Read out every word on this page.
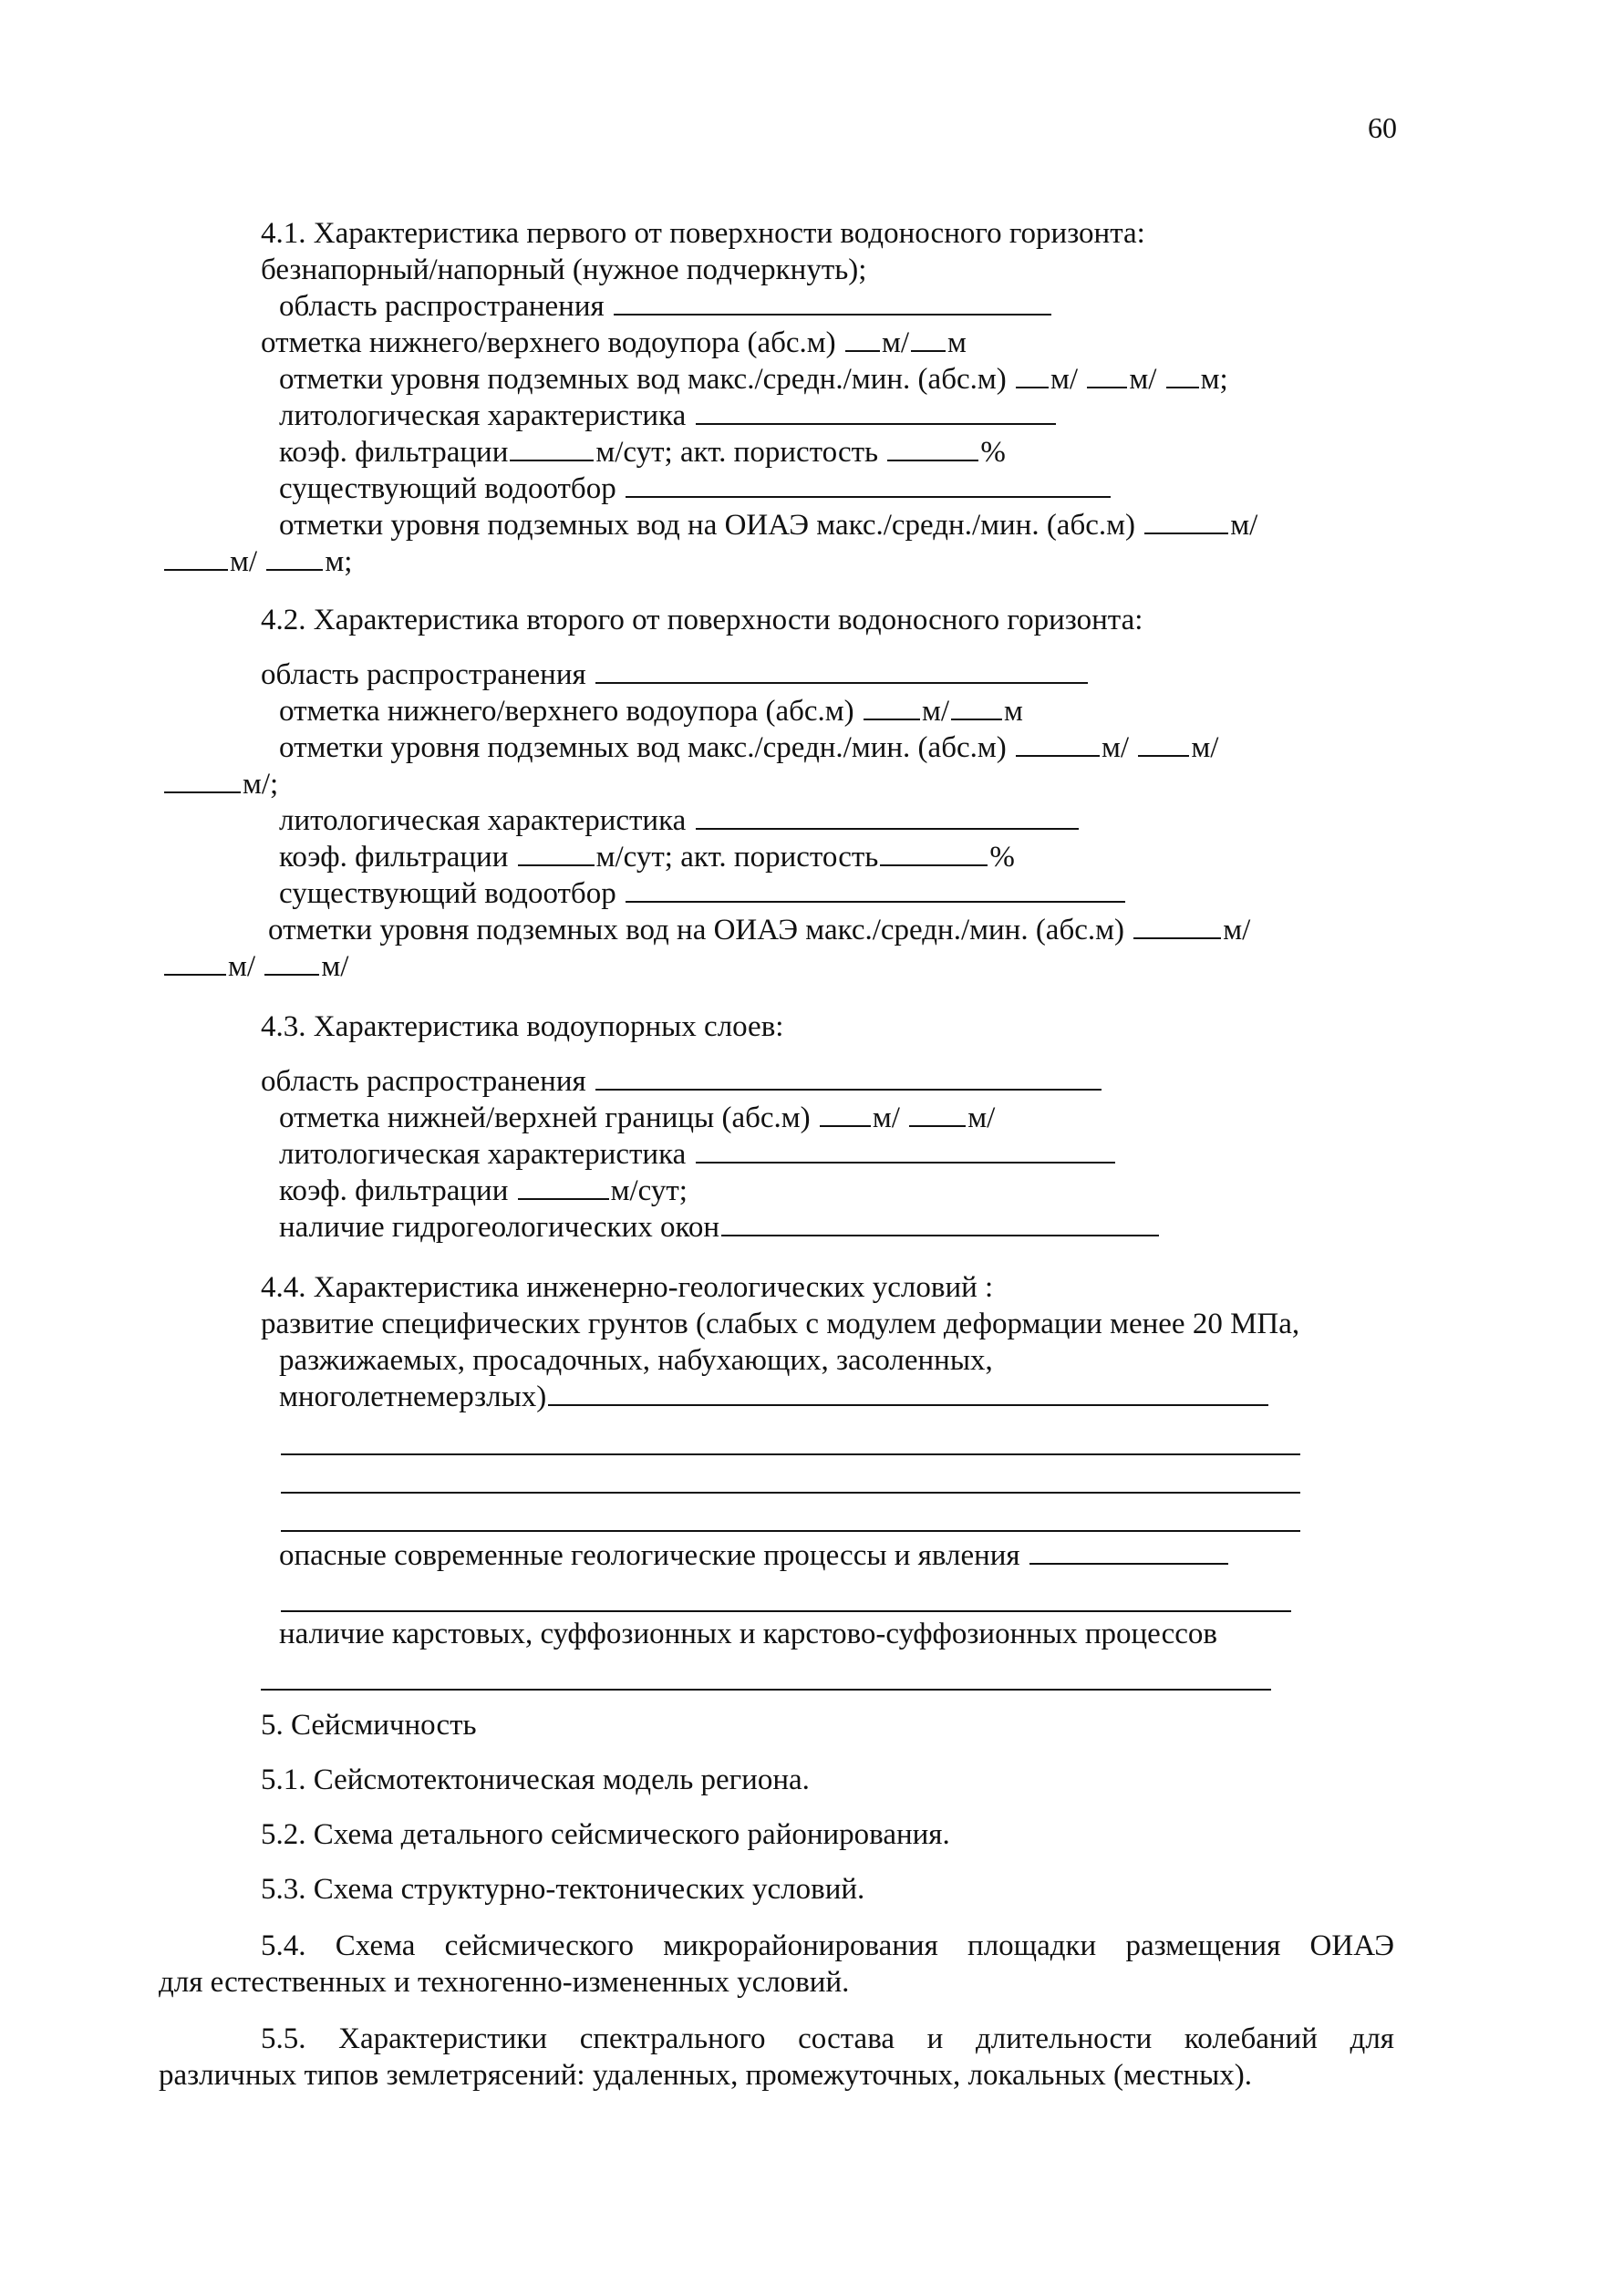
60
4.1. Характеристика первого от поверхности водоносного горизонта:
безнапорный/напорный (нужное подчеркнуть);
область распространения
отметка нижнего/верхнего водоупора (абс.м) м/ м
отметки уровня подземных вод макс./средн./мин. (абс.м) м/ м/ м;
литологическая характеристика
коэф. фильтрации	м/сут; акт. пористость	%
существующий водоотбор
отметки уровня подземных вод на ОИАЭ макс./средн./мин. (абс.м)	м/
м/ м;
4.2. Характеристика второго от поверхности водоносного горизонта:
область распространения
отметка нижнего/верхнего водоупора (абс.м) м/ м
отметки уровня подземных вод макс./средн./мин. (абс.м)	м/ м/
м/;
литологическая характеристика
коэф. фильтрации	м/сут; акт. пористость	%
существующий водоотбор
отметки уровня подземных вод на ОИАЭ макс./средн./мин. (абс.м)	м/
м/ м/
4.3. Характеристика водоупорных слоев:
область распространения
отметка нижней/верхней границы (абс.м) м/ м/
литологическая характеристика
коэф. фильтрации	м/сут;
наличие гидрогеологических окон
4.4. Характеристика инженерно-геологических условий :
развитие специфических грунтов (слабых с модулем деформации менее 20 МПа,
разжижаемых, просадочных, набухающих, засоленных,
многолетнемерзлых)
опасные современные геологические процессы и явления
наличие карстовых, суффозионных и карстово-суффозионных процессов
5. Сейсмичность
5.1. Сейсмотектоническая модель региона.
5.2. Схема детального сейсмического районирования.
5.3. Схема структурно-тектонических условий.
5.4. Схема сейсмического микрорайонирования площадки размещения ОИАЭ
для естественных и техногенно-измененных условий.
5.5. Характеристики спектрального состава и длительности колебаний для
различных типов землетрясений: удаленных, промежуточных, локальных (местных).
